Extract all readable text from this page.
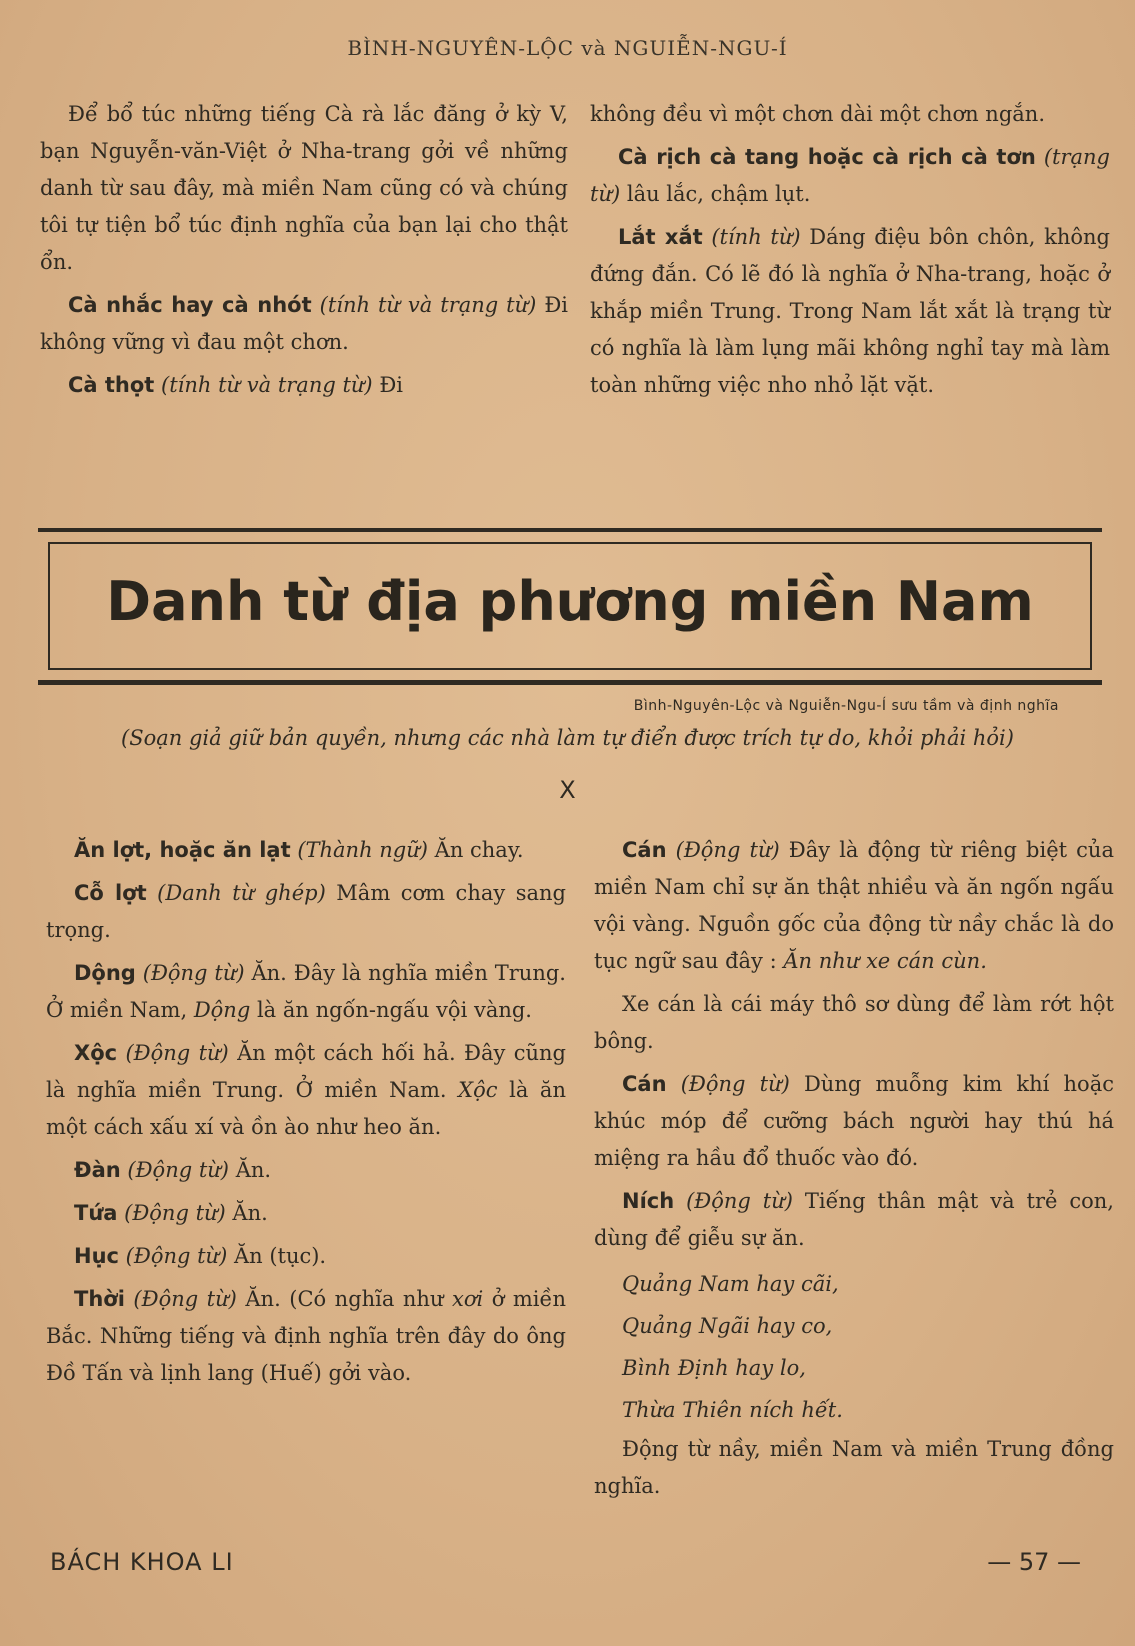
BÌNH-NGUYÊN-LỘC và NGUIỄN-NGU-Í

Để bổ túc những tiếng Cà rà lắc đăng ở kỳ V, bạn Nguyễn-văn-Việt ở Nha-trang gởi về những danh từ sau đây, mà miền Nam cũng có và chúng tôi tự tiện bổ túc định nghĩa của bạn lại cho thật ổn.

Cà nhắc hay cà nhót (tính từ và trạng từ) Đi không vững vì đau một chơn.

Cà thọt (tính từ và trạng từ) Đi

không đều vì một chơn dài một chơn ngắn.

Cà rịch cà tang hoặc cà rịch cà tơn (trạng từ) lâu lắc, chậm lụt.

Lắt xắt (tính từ) Dáng điệu bôn chôn, không đứng đắn. Có lẽ đó là nghĩa ở Nha-trang, hoặc ở khắp miền Trung. Trong Nam lắt xắt là trạng từ có nghĩa là làm lụng mãi không nghỉ tay mà làm toàn những việc nho nhỏ lặt vặt.

Danh từ địa phương miền Nam
Bình-Nguyên-Lộc và Nguiễn-Ngu-Í sưu tầm và định nghĩa
(Soạn giả giữ bản quyền, nhưng các nhà làm tự điển được trích tự do, khỏi phải hỏi)
X

Ăn lợt, hoặc ăn lạt (Thành ngữ) Ăn chay.

Cỗ lợt (Danh từ ghép) Mâm cơm chay sang trọng.

Dộng (Động từ) Ăn. Đây là nghĩa miền Trung. Ở miền Nam, Dộng là ăn ngốn-ngấu vội vàng.

Xộc (Động từ) Ăn một cách hối hả. Đây cũng là nghĩa miền Trung. Ở miền Nam. Xộc là ăn một cách xấu xí và ồn ào như heo ăn.

Đàn (Động từ) Ăn.

Tứa (Động từ) Ăn.

Hục (Động từ) Ăn (tục).

Thời (Động từ) Ăn. (Có nghĩa như xơi ở miền Bắc. Những tiếng và định nghĩa trên đây do ông Đồ Tấn và lịnh lang (Huế) gởi vào.

Cán (Động từ) Đây là động từ riêng biệt của miền Nam chỉ sự ăn thật nhiều và ăn ngốn ngấu vội vàng. Nguồn gốc của động từ nầy chắc là do tục ngữ sau đây : Ăn như xe cán cùn.

Xe cán là cái máy thô sơ dùng để làm rớt hột bông.

Cán (Động từ) Dùng muỗng kim khí hoặc khúc móp để cưỡng bách người hay thú há miệng ra hầu đổ thuốc vào đó.

Ních (Động từ) Tiếng thân mật và trẻ con, dùng để giễu sự ăn.

Quảng Nam hay cãi,

Quảng Ngãi hay co,

Bình Định hay lo,

Thừa Thiên ních hết.

Động từ nầy, miền Nam và miền Trung đồng nghĩa.

BÁCH KHOA LI	— 57 —
